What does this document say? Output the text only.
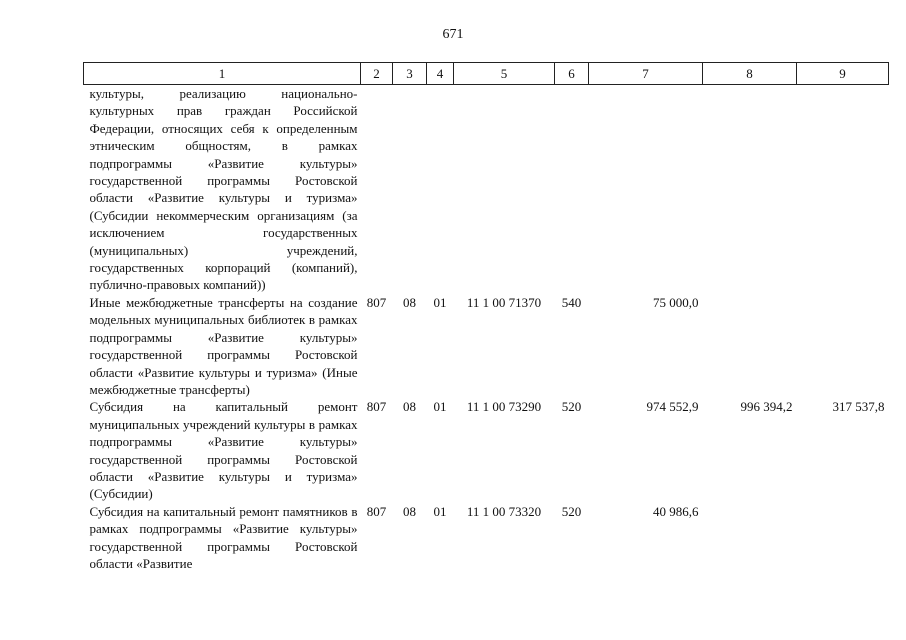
671
1	2	3	4	5	6	7	8	9
культуры, реализацию национально-культурных прав граждан Российской Федерации, относящих себя к определенным этническим общностям, в рамках подпрограммы «Развитие культуры» государственной программы Ростовской области «Развитие культуры и туризма» (Субсидии некоммерческим организациям (за исключением государственных (муниципальных) учреждений, государственных корпораций (компаний), публично-правовых компаний))								
Иные межбюджетные трансферты на создание модельных муниципальных библиотек в рамках подпрограммы «Развитие культуры» государственной программы Ростовской области «Развитие культуры и туризма» (Иные межбюджетные трансферты)	807	08	01	11 1 00 71370	540	75 000,0		
Субсидия на капитальный ремонт муниципальных учреждений культуры в рамках подпрограммы «Развитие культуры» государственной программы Ростовской области «Развитие культуры и туризма» (Субсидии)	807	08	01	11 1 00 73290	520	974 552,9	996 394,2	317 537,8
Субсидия на капитальный ремонт памятников в рамках подпрограммы «Развитие культуры» государственной программы Ростовской области «Развитие	807	08	01	11 1 00 73320	520	40 986,6		
